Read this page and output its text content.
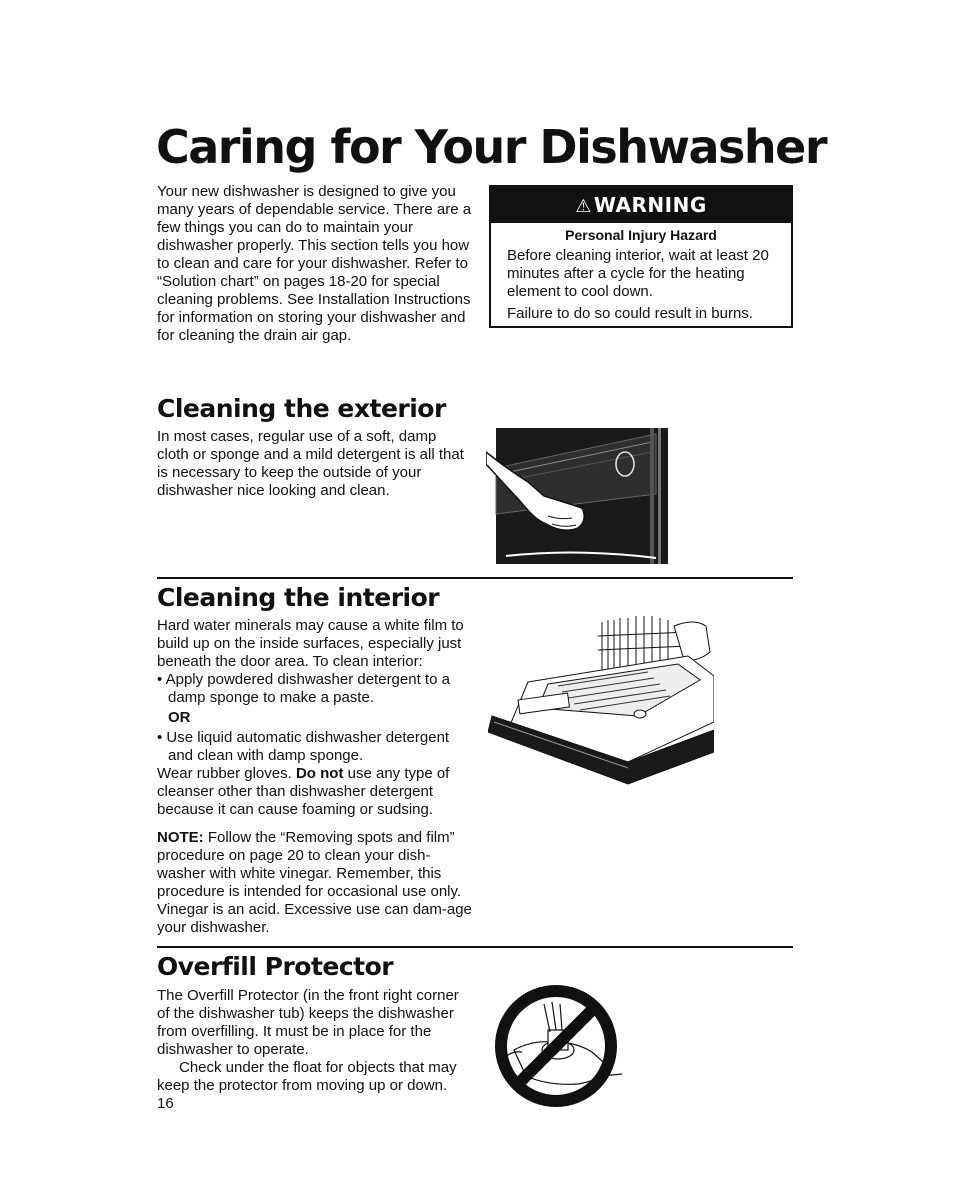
Caring for Your Dishwasher

Your new dishwasher is designed to give you many years of dependable service. There are a few things you can do to maintain your dishwasher properly. This section tells you how to clean and care for your dishwasher. Refer to “Solution chart” on pages 18-20 for special cleaning problems. See Installation Instructions for information on storing your dishwasher and for cleaning the drain air gap.

⚠ WARNING
Personal Injury Hazard

Before cleaning interior, wait at least 20 minutes after a cycle for the heating element to cool down.

Failure to do so could result in burns.

Cleaning the exterior

In most cases, regular use of a soft, damp cloth or sponge and a mild detergent is all that is necessary to keep the outside of your dishwasher nice looking and clean.

Cleaning the interior

Hard water minerals may cause a white film to build up on the inside surfaces, especially just beneath the door area. To clean interior:

• Apply powdered dishwasher detergent to a damp sponge to make a paste.

OR

• Use liquid automatic dishwasher detergent and clean with damp sponge.

Wear rubber gloves. Do not use any type of cleanser other than dishwasher detergent because it can cause foaming or sudsing.

NOTE: Follow the “Removing spots and film” procedure on page 20 to clean your dish-washer with white vinegar. Remember, this procedure is intended for occasional use only. Vinegar is an acid. Excessive use can dam-age your dishwasher.

Overfill Protector

The Overfill Protector (in the front right corner of the dishwasher tub) keeps the dishwasher from overfilling. It must be in place for the dishwasher to operate.

Check under the float for objects that may keep the protector from moving up or down.

16
